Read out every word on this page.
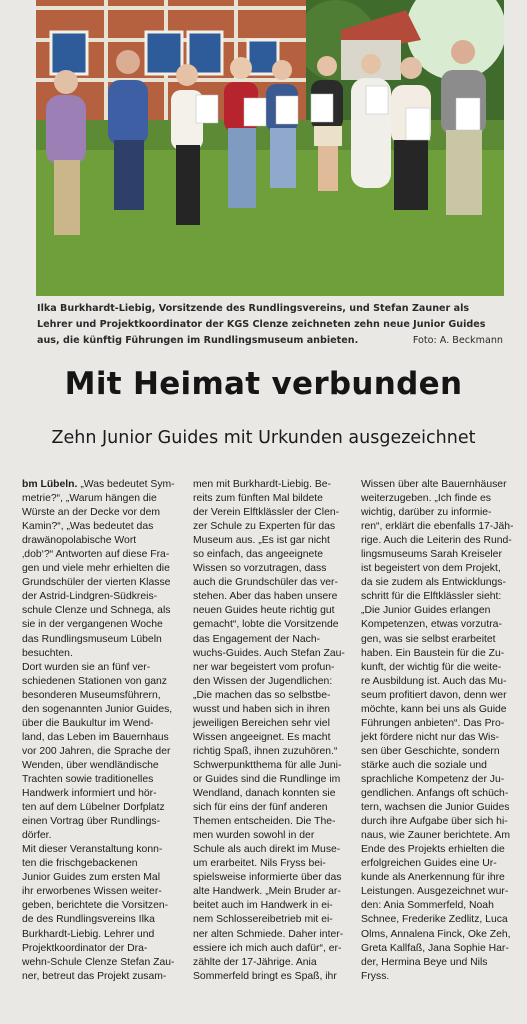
Ilka Burkhardt-Liebig, Vorsitzende des Rundlingsvereins, und Stefan Zauner als Lehrer und Projektkoordinator der KGS Clenze zeichneten zehn neue Junior Guides aus, die künftig Führungen im Rundlingsmuseum anbieten.	Foto: A. Beckmann
Mit Heimat verbunden
Zehn Junior Guides mit Urkunden ausgezeichnet
bm Lübeln. „Was bedeutet Sym-
metrie?“, „Warum hängen die
Würste an der Decke vor dem
Kamin?“, „Was bedeutet das
drawänopolabische Wort
‚dob‘?“ Antworten auf diese Fra-
gen und viele mehr erhielten die
Grundschüler der vierten Klasse
der Astrid-Lindgren-Südkreis-
schule Clenze und Schnega, als
sie in der vergangenen Woche
das Rundlingsmuseum Lübeln
besuchten.
Dort wurden sie an fünf ver-
schiedenen Stationen von ganz
besonderen Museumsführern,
den sogenannten Junior Guides,
über die Baukultur im Wend-
land, das Leben im Bauernhaus
vor 200 Jahren, die Sprache der
Wenden, über wendländische
Trachten sowie traditionelles
Handwerk informiert und hör-
ten auf dem Lübelner Dorfplatz
einen Vortrag über Rundlings-
dörfer.
Mit dieser Veranstaltung konn-
ten die frischgebackenen
Junior Guides zum ersten Mal
ihr erworbenes Wissen weiter-
geben, berichtete die Vorsitzen-
de des Rundlingsvereins Ilka
Burkhardt-Liebig. Lehrer und
Projektkoordinator der Dra-
wehn-Schule Clenze Stefan Zau-
ner, betreut das Projekt zusam-
men mit Burkhardt-Liebig. Be-
reits zum fünften Mal bildete
der Verein Elftklässler der Clen-
zer Schule zu Experten für das
Museum aus. „Es ist gar nicht
so einfach, das angeeignete
Wissen so vorzutragen, dass
auch die Grundschüler das ver-
stehen. Aber das haben unsere
neuen Guides heute richtig gut
gemacht“, lobte die Vorsitzende
das Engagement der Nach-
wuchs-Guides. Auch Stefan Zau-
ner war begeistert vom profun-
den Wissen der Jugendlichen:
„Die machen das so selbstbe-
wusst und haben sich in ihren
jeweiligen Bereichen sehr viel
Wissen angeeignet. Es macht
richtig Spaß, ihnen zuzuhören.“
Schwerpunktthema für alle Juni-
or Guides sind die Rundlinge im
Wendland, danach konnten sie
sich für eins der fünf anderen
Themen entscheiden. Die The-
men wurden sowohl in der
Schule als auch direkt im Muse-
um erarbeitet. Nils Fryss bei-
spielsweise informierte über das
alte Handwerk. „Mein Bruder ar-
beitet auch im Handwerk in ei-
nem Schlossereibetrieb mit ei-
ner alten Schmiede. Daher inter-
essiere ich mich auch dafür“, er-
zählte der 17-Jährige. Ania
Sommerfeld bringt es Spaß, ihr
Wissen über alte Bauernhäuser
weiterzugeben. „Ich finde es
wichtig, darüber zu informie-
ren“, erklärt die ebenfalls 17-Jäh-
rige. Auch die Leiterin des Rund-
lingsmuseums Sarah Kreiseler
ist begeistert von dem Projekt,
da sie zudem als Entwicklungs-
schritt für die Elftklässler sieht:
„Die Junior Guides erlangen
Kompetenzen, etwas vorzutra-
gen, was sie selbst erarbeitet
haben. Ein Baustein für die Zu-
kunft, der wichtig für die weite-
re Ausbildung ist. Auch das Mu-
seum profitiert davon, denn wer
möchte, kann bei uns als Guide
Führungen anbieten“. Das Pro-
jekt fördere nicht nur das Wis-
sen über Geschichte, sondern
stärke auch die soziale und
sprachliche Kompetenz der Ju-
gendlichen. Anfangs oft schüch-
tern, wachsen die Junior Guides
durch ihre Aufgabe über sich hi-
naus, wie Zauner berichtete. Am
Ende des Projekts erhielten die
erfolgreichen Guides eine Ur-
kunde als Anerkennung für ihre
Leistungen. Ausgezeichnet wur-
den: Ania Sommerfeld, Noah
Schnee, Frederike Zedlitz, Luca
Olms, Annalena Finck, Oke Zeh,
Greta Kallfaß, Jana Sophie Har-
der, Hermina Beye und Nils
Fryss.
